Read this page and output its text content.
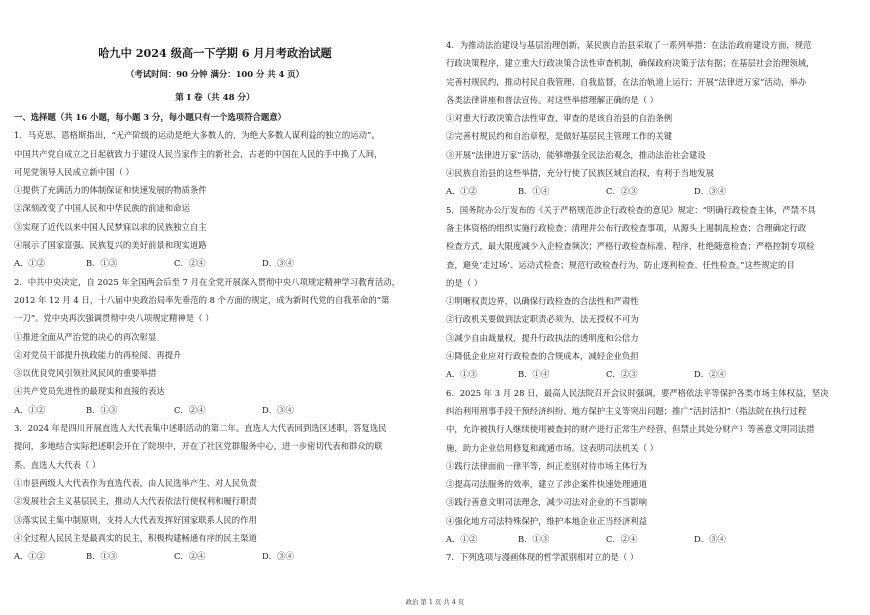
哈九中 2024 级高一下学期 6 月月考政治试题
（考试时间：90 分钟 满分：100 分 共 4 页）
第 I 卷（共 48 分）
一、选择题（共 16 小题，每小题 3 分，每小题只有一个选项符合题意）
1．马克思、恩格斯指出，“无产阶级的运动是绝大多数人的，为绝大多数人谋利益的独立的运动”。
中国共产党自成立之日起就致力于建设人民当家作主的新社会，古老的中国在人民的手中换了人间，
可见党领导人民成立新中国（ ）
①提供了充满活力的体制保证和快速发展的物质条件
②深刻改变了中国人民和中华民族的前途和命运
③实现了近代以来中国人民梦寐以求的民族独立自主
④展示了国家富强、民族复兴的美好前景和现实道路
A．①②	B．①③	C．②④	D．③④
2．中共中央决定，自 2025 年全国两会后至 7 月在全党开展深入贯彻中央八项规定精神学习教育活动，
2012 年 12 月 4 日，十八届中央政治局率先垂范的 8 个方面的规定，成为新时代党的自我革命的“第
一刀”。党中央再次强调贯彻中央八项规定精神是（ ）
①推进全面从严治党的决心的再次彰显
②对党员干部提升执政能力的再检阅、再提升
③以优良党风引领社风民风的重要举措
④共产党员先进性的最现实和直接的表达
A．①②	B．①③	C．②④	D．③④
3．2024 年是四川开展直选人大代表集中述职活动的第二年。直选人大代表回到选区述职，答复选民
提问，多地结合实际把述职会开在了院坝中，开在了社区党群服务中心，进一步密切代表和群众的联
系。直选人大代表（ ）
①市县两级人大代表作为直选代表，由人民选举产生、对人民负责
②发展社会主义基层民主，推动人大代表依法行使权利和履行职责
③落实民主集中制原则，支持人大代表发挥好国家联系人民的作用
④全过程人民民主是最真实的民主，积极构建畅通有序的民主渠道
A．①②	B．①③	C．②④	D．③④
4．为推动法治建设与基层治理创新，某民族自治县采取了一系列举措：在法治政府建设方面，规范
行政决策程序，建立重大行政决策合法性审查机制，确保政府决策于法有据；在基层社会治理领域，
完善村规民约，推动村民自我管理、自我监督，在法治轨道上运行；开展“法律进万家”活动，举办
各类法律讲座和普法宣传。对这些举措理解正确的是（ ）
①对重大行政决策合法性审查，审查的是该自治县的自治条例
②完善村规民约和自治章程，是做好基层民主管理工作的关键
③开展“法律进万家”活动，能够增强全民法治观念，推动法治社会建设
④民族自治县的这些举措，充分行使了民族区域自治权，有利于当地发展
A．①②	B．①④	C．②③	D．③④
5．国务院办公厅发布的《关于严格规范涉企行政检查的意见》规定：“明确行政检查主体，严禁不具
备主体资格的组织实施行政检查；清理并公布行政检查事项，从源头上遏制乱检查；合理确定行政
检查方式，最大限度减少入企检查频次；严格行政检查标准、程序，杜绝随意检查；严格控制专项检
查，避免‘走过场’、运动式检查；规范行政检查行为，防止逐利检查、任性检查。”这些规定的目
的是（ ）
①明晰权责边界，以确保行政检查的合法性和严肃性
②行政机关要做到法定职责必须为，法无授权不可为
③减少自由裁量权，提升行政执法的透明度和公信力
④降低企业应对行政检查的合规成本，减轻企业负担
A．①③	B．①④	C．②③	D．②④
6．2025 年 3 月 28 日，最高人民法院召开会议时强调，要严格依法平等保护各类市场主体权益，坚决
纠治利用刑事手段干预经济纠纷、地方保护主义等突出问题；推广“活封活扣”（指法院在执行过程
中，允许被执行人继续使用被查封的财产进行正常生产经营，但禁止其处分财产）等善意文明司法措
施，助力企业信用修复和疏通市场。这表明司法机关（ ）
①践行法律面前一律平等，纠正差别对待市场主体行为
②提高司法服务的效率，建立了涉企案件快速处理通道
③践行善意文明司法理念，减少司法对企业的不当影响
④强化地方司法特殊保护，维护本地企业正当经济利益
A．①②	B．①③	C．②④	D．③④
7．下列选项与漫画体现的哲学派别相对立的是（ ）
政治 第 1 页 共 4 页
